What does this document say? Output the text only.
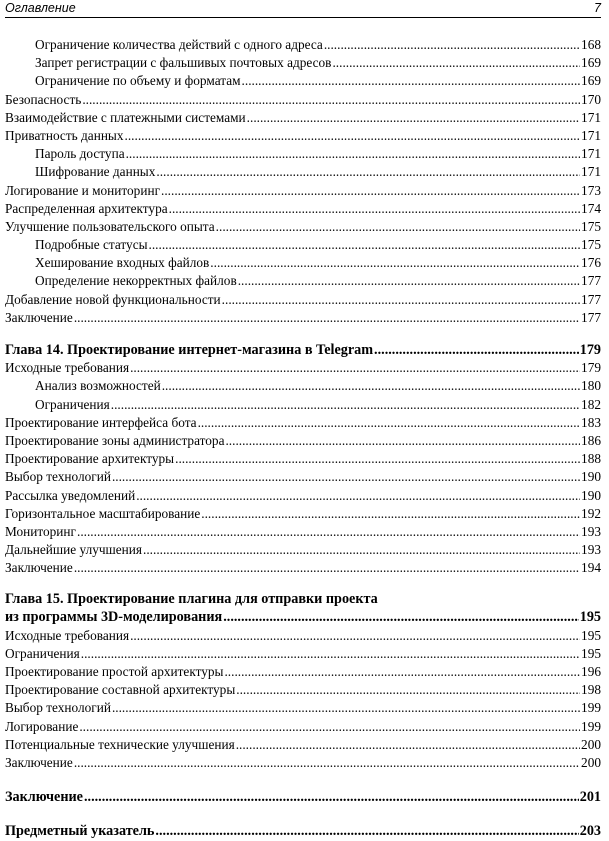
Оглавление	7
Ограничение количества действий с одного адреса .....	168
Запрет регистрации с фальшивых почтовых адресов .....	169
Ограничение по объему и форматам .....	169
Безопасность .....	170
Взаимодействие с платежными системами .....	171
Приватность данных .....	171
Пароль доступа .....	171
Шифрование данных .....	171
Логирование и мониторинг .....	173
Распределенная архитектура .....	174
Улучшение пользовательского опыта .....	175
Подробные статусы .....	175
Хеширование входных файлов .....	176
Определение некорректных файлов .....	177
Добавление новой функциональности .....	177
Заключение .....	177
Глава 14. Проектирование интернет-магазина в Telegram .....	179
Исходные требования .....	179
Анализ возможностей .....	180
Ограничения .....	182
Проектирование интерфейса бота .....	183
Проектирование зоны администратора .....	186
Проектирование архитектуры .....	188
Выбор технологий .....	190
Рассылка уведомлений .....	190
Горизонтальное масштабирование .....	192
Мониторинг .....	193
Дальнейшие улучшения .....	193
Заключение .....	194
Глава 15. Проектирование плагина для отправки проекта
из программы 3D-моделирования .....	195
Исходные требования .....	195
Ограничения .....	195
Проектирование простой архитектуры .....	196
Проектирование составной архитектуры .....	198
Выбор технологий .....	199
Логирование .....	199
Потенциальные технические улучшения .....	200
Заключение .....	200
Заключение .....	201
Предметный указатель .....	203
